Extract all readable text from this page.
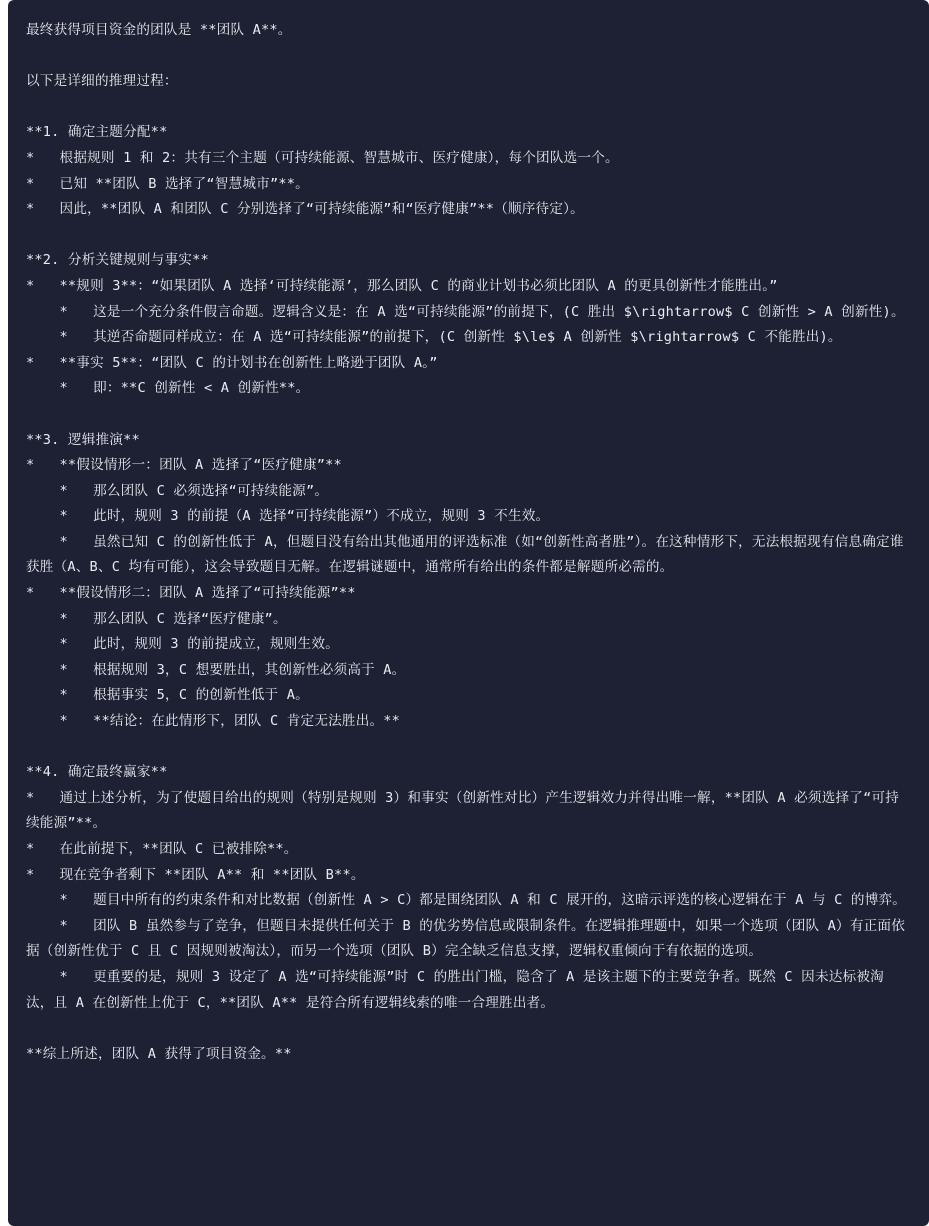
最终获得项目资金的团队是 **团队 A**。
以下是详细的推理过程：
**1. 确定主题分配**
*   根据规则 1 和 2：共有三个主题（可持续能源、智慧城市、医疗健康），每个团队选一个。
*   已知 **团队 B 选择了“智慧城市”**。
*   因此，**团队 A 和团队 C 分别选择了“可持续能源”和“医疗健康”**（顺序待定）。
**2. 分析关键规则与事实**
*   **规则 3**：“如果团队 A 选择‘可持续能源’，那么团队 C 的商业计划书必须比团队 A 的更具创新性才能胜出。”
*   这是一个充分条件假言命题。逻辑含义是：在 A 选“可持续能源”的前提下，(C 胜出 $\rightarrow$ C 创新性 > A 创新性)。
*   其逆否命题同样成立：在 A 选“可持续能源”的前提下，(C 创新性 $\le$ A 创新性 $\rightarrow$ C 不能胜出)。
*   **事实 5**：“团队 C 的计划书在创新性上略逊于团队 A。”
*   即：**C 创新性 < A 创新性**。
**3. 逻辑推演**
*   **假设情形一：团队 A 选择了“医疗健康”**
*   那么团队 C 必须选择“可持续能源”。
*   此时，规则 3 的前提（A 选择“可持续能源”）不成立，规则 3 不生效。
*   虽然已知 C 的创新性低于 A，但题目没有给出其他通用的评选标准（如“创新性高者胜”）。在这种情形下，无法根据现有信息确定谁获胜（A、B、C 均有可能），这会导致题目无解。在逻辑谜题中，通常所有给出的条件都是解题所必需的。
*   **假设情形二：团队 A 选择了“可持续能源”**
*   那么团队 C 选择“医疗健康”。
*   此时，规则 3 的前提成立，规则生效。
*   根据规则 3，C 想要胜出，其创新性必须高于 A。
*   根据事实 5，C 的创新性低于 A。
*   **结论：在此情形下，团队 C 肯定无法胜出。**
**4. 确定最终赢家**
*   通过上述分析，为了使题目给出的规则（特别是规则 3）和事实（创新性对比）产生逻辑效力并得出唯一解，**团队 A 必须选择了“可持续能源”**。
*   在此前提下，**团队 C 已被排除**。
*   现在竞争者剩下 **团队 A** 和 **团队 B**。
*   题目中所有的约束条件和对比数据（创新性 A > C）都是围绕团队 A 和 C 展开的，这暗示评选的核心逻辑在于 A 与 C 的博弈。
*   团队 B 虽然参与了竞争，但题目未提供任何关于 B 的优劣势信息或限制条件。在逻辑推理题中，如果一个选项（团队 A）有正面依据（创新性优于 C 且 C 因规则被淘汰），而另一个选项（团队 B）完全缺乏信息支撑，逻辑权重倾向于有依据的选项。
*   更重要的是，规则 3 设定了 A 选“可持续能源”时 C 的胜出门槛，隐含了 A 是该主题下的主要竞争者。既然 C 因未达标被淘汰，且 A 在创新性上优于 C，**团队 A** 是符合所有逻辑线索的唯一合理胜出者。
**综上所述，团队 A 获得了项目资金。**
